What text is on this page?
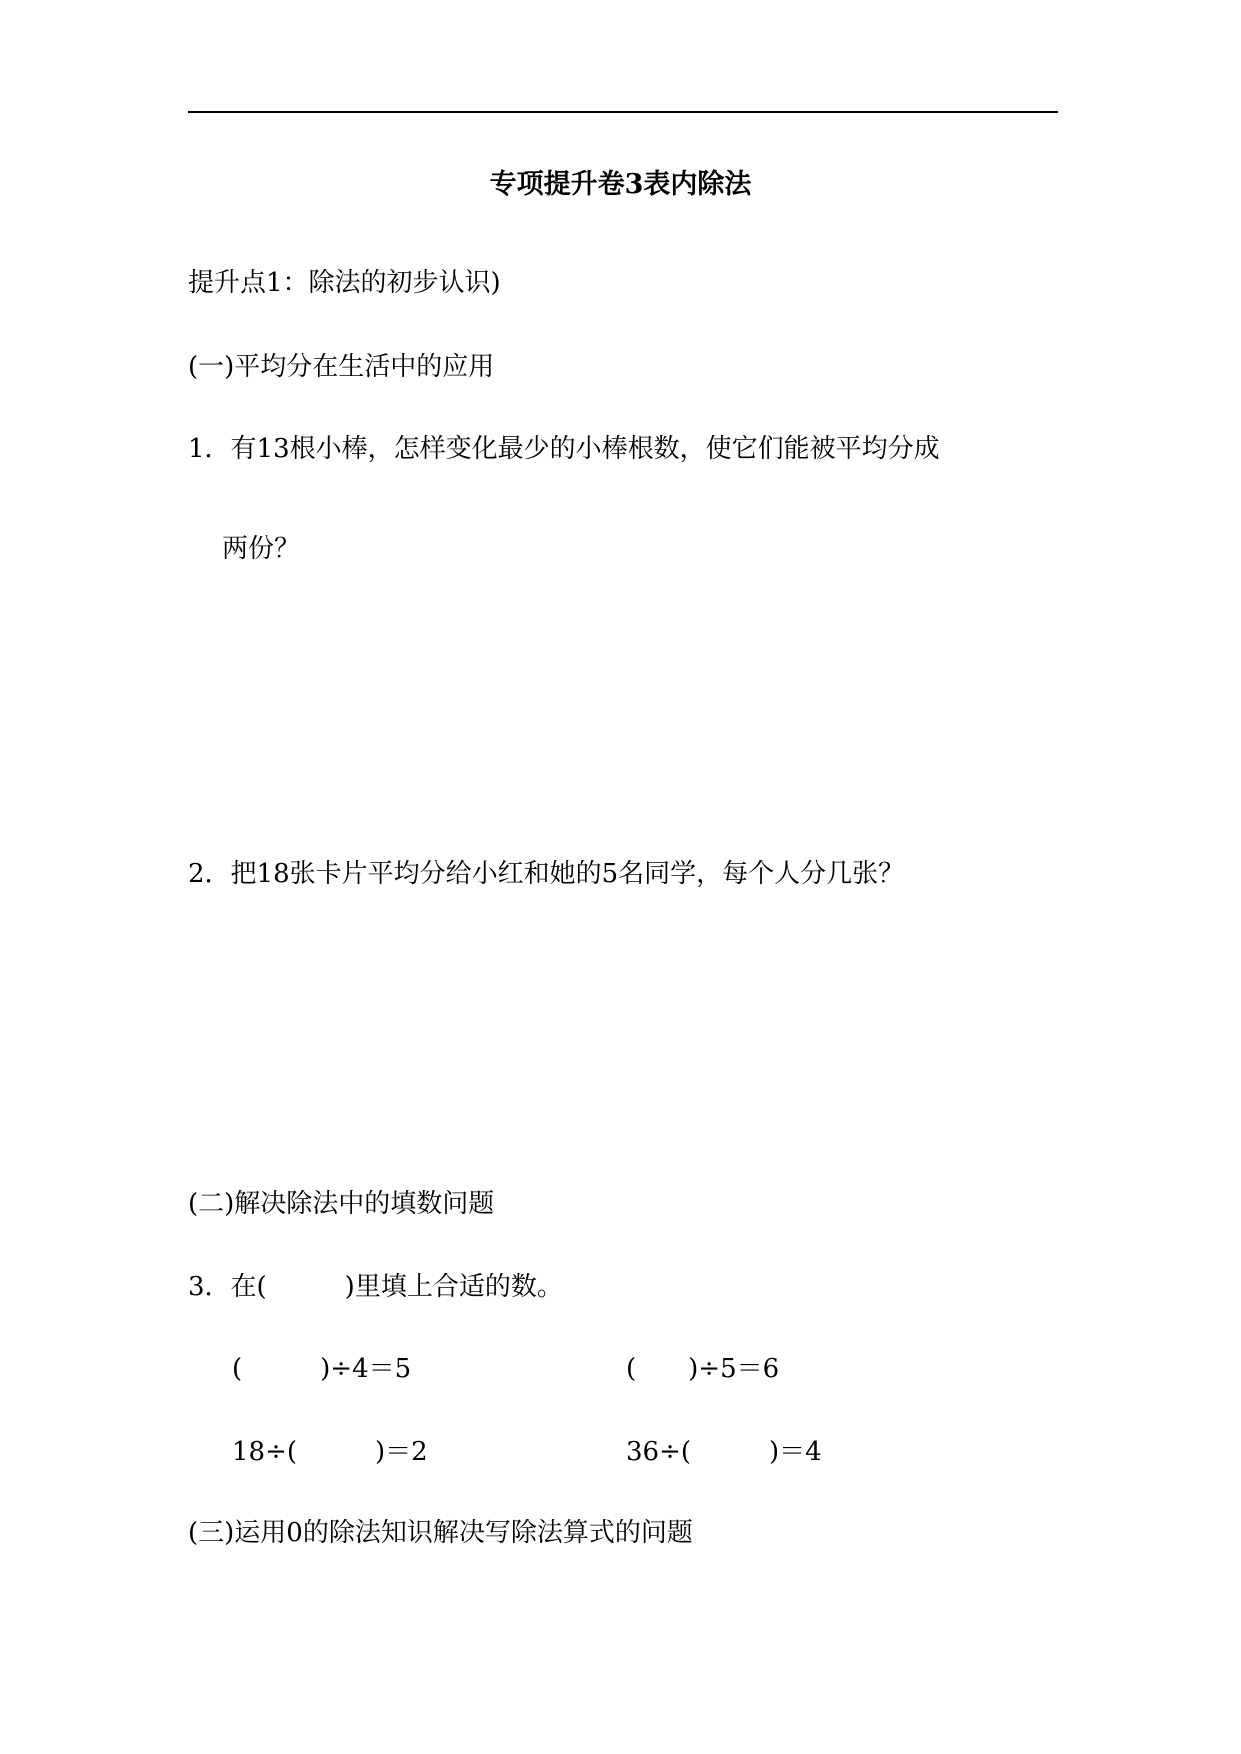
专项提升卷3表内除法
提升点1：除法的初步认识)
(一)平均分在生活中的应用
1．有13根小棒，怎样变化最少的小棒根数，使它们能被平均分成
两份？
2．把18张卡片平均分给小红和她的5名同学，每个人分几张？
(二)解决除法中的填数问题
3．在(　　　)里填上合适的数。
(　　　)÷4＝5	(　　)÷5＝6
18÷(　　　)＝2	36÷(　　　)＝4
(三)运用0的除法知识解决写除法算式的问题
